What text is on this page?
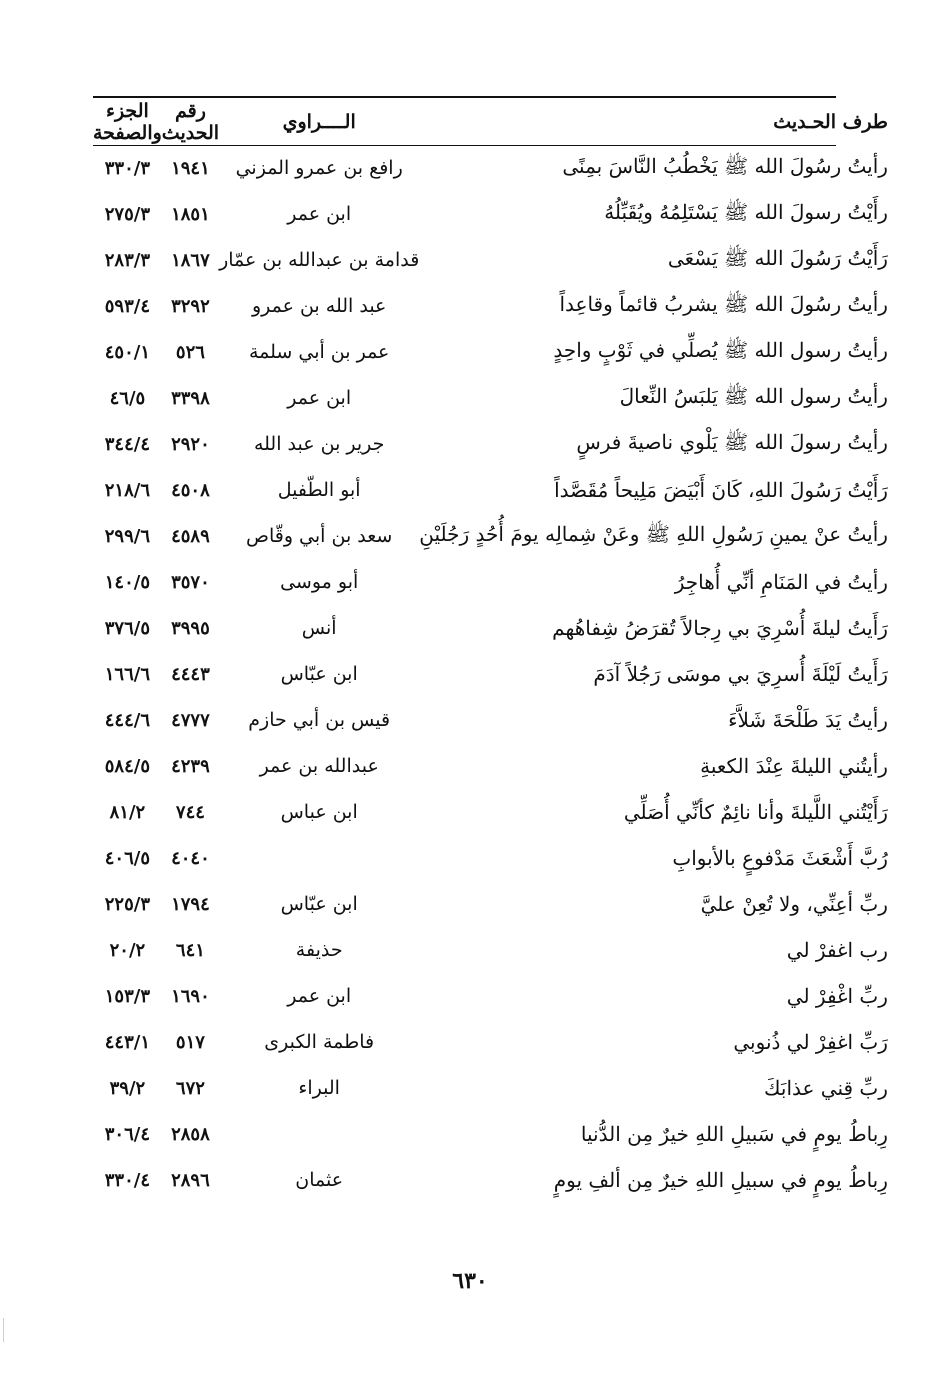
طرف الحـديث	الــــراوي	رقم الحديث	الجزء والصفحة
رأيتُ رسُولَ الله ﷺ يَخْطُبُ النَّاسَ بمِنًى	رافع بن عمرو المزني	١٩٤١	٣٣٠/٣
رأَيْتُ رسولَ الله ﷺ يَسْتَلِمُهُ ويُقَبِّلُهُ	ابن عمر	١٨٥١	٢٧٥/٣
رَأَيْتُ رَسُولَ الله ﷺ يَسْعَى	قدامة بن عبدالله بن عمّار	١٨٦٧	٢٨٣/٣
رأيتُ رسُولَ الله ﷺ يشربُ قائماً وقاعِداً	عبد الله بن عمرو	٣٢٩٢	٥٩٣/٤
رأيتُ رسول الله ﷺ يُصلِّي في ثَوْبٍ واحِدٍ	عمر بن أبي سلمة	٥٢٦	٤٥٠/١
رأيتُ رسول الله ﷺ يَلبَسُ النِّعالَ	ابن عمر	٣٣٩٨	٤٦/٥
رأيتُ رسولَ الله ﷺ يَلْوي ناصيةَ فرسٍ	جرير بن عبد الله	٢٩٢٠	٣٤٤/٤
رَأَيْتُ رَسُولَ اللهِ، كَانَ أَبْيَضَ مَلِيحاً مُقَصَّداً	أبو الطّفيل	٤٥٠٨	٢١٨/٦
رأيتُ عنْ يمينِ رَسُولِ اللهِ ﷺ وعَنْ شِمالِه يومَ أُحُدٍ رَجُلَيْنِ	سعد بن أبي وقّاص	٤٥٨٩	٢٩٩/٦
رأيتُ في المَنَامِ أنِّي أُهاجِرُ	أبو موسى	٣٥٧٠	١٤٠/٥
رَأَيتُ ليلةَ أُسْرِيَ بي رِجالاً تُقرَضُ شِفاهُهم	أنس	٣٩٩٥	٣٧٦/٥
رَأَيتُ لَيْلَةَ أُسرِيَ بي موسَى رَجُلاً آدَمَ	ابن عبّاس	٤٤٤٣	١٦٦/٦
رأيتُ يَدَ طَلْحَةَ شَلاَّءَ	قيس بن أبي حازم	٤٧٧٧	٤٤٤/٦
رأيتُني الليلةَ عِنْدَ الكعبةِ	عبدالله بن عمر	٤٢٣٩	٥٨٤/٥
رَأَيْتُني اللَّيلةَ وأنا نائِمٌ كأنِّي أُصَلِّي	ابن عباس	٧٤٤	٨١/٢
رُبَّ أَشْعَثَ مَدْفوعٍ بالأبوابِ		٤٠٤٠	٤٠٦/٥
ربِّ أعِنِّي، ولا تُعِنْ عليَّ	ابن عبّاس	١٧٩٤	٢٢٥/٣
رب اغفرْ لي	حذيفة	٦٤١	٢٠/٢
ربِّ اغْفِرْ لي	ابن عمر	١٦٩٠	١٥٣/٣
رَبِّ اغفِرْ لي ذُنوبي	فاطمة الكبرى	٥١٧	٤٤٣/١
ربِّ قِني عذابَكَ	البراء	٦٧٢	٣٩/٢
رِباطُ يومٍ في سَبيلِ اللهِ خيرٌ مِن الدُّنيا		٢٨٥٨	٣٠٦/٤
رِباطُ يومٍ في سبيلِ اللهِ خيرٌ مِن ألفِ يومٍ	عثمان	٢٨٩٦	٣٣٠/٤
٦٣٠
